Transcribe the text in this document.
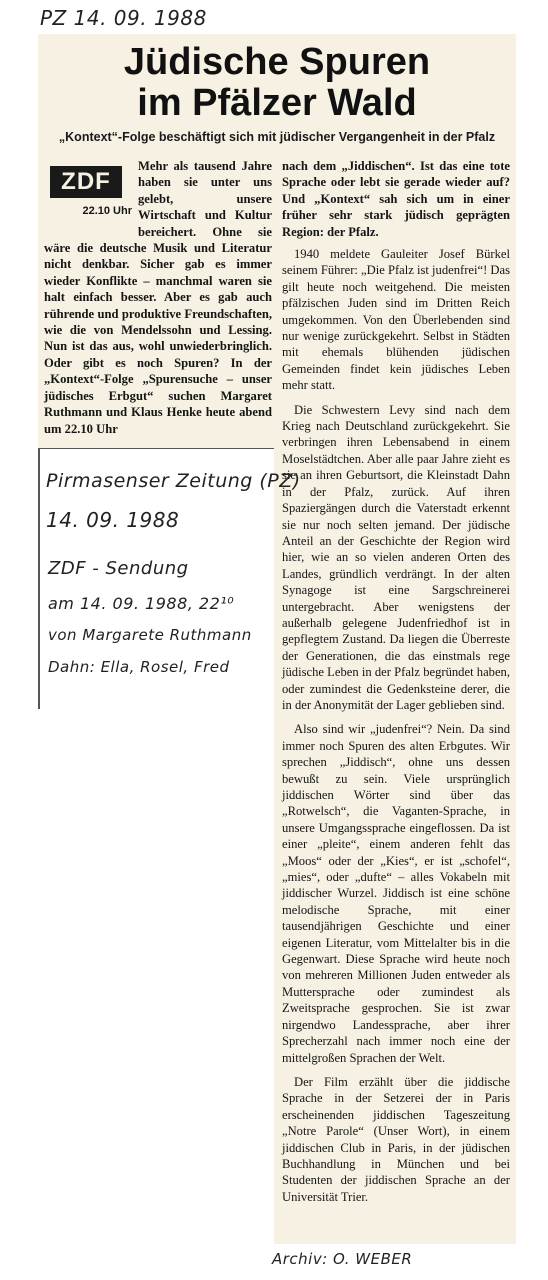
PZ 14. 09. 1988
Jüdische Spuren
im Pfälzer Wald
„Kontext“-Folge beschäftigt sich mit jüdischer Vergangenheit in der Pfalz
ZDF
22.10 Uhr

Mehr als tausend Jahre haben sie unter uns gelebt, unsere Wirtschaft und Kultur bereichert. Ohne sie wäre die deutsche Musik und Literatur nicht denkbar. Sicher gab es immer wieder Konflikte – manchmal waren sie halt einfach besser. Aber es gab auch rührende und produktive Freundschaften, wie die von Mendelssohn und Lessing. Nun ist das aus, wohl unwiederbringlich. Oder gibt es noch Spuren? In der „Kontext“-Folge „Spurensuche – unser jüdisches Erbgut“ suchen Margaret Ruthmann und Klaus Henke heute abend um 22.10 Uhr

nach dem „Jiddischen“. Ist das eine tote Sprache oder lebt sie gerade wieder auf? Und „Kontext“ sah sich um in einer früher sehr stark jüdisch geprägten Region: der Pfalz.

1940 meldete Gauleiter Josef Bürkel seinem Führer: „Die Pfalz ist judenfrei“! Das gilt heute noch weitgehend. Die meisten pfälzischen Juden sind im Dritten Reich umgekommen. Von den Überlebenden sind nur wenige zurückgekehrt. Selbst in Städten mit ehemals blühenden jüdischen Gemeinden findet kein jüdisches Leben mehr statt.

Die Schwestern Levy sind nach dem Krieg nach Deutschland zurückgekehrt. Sie verbringen ihren Lebensabend in einem Moselstädtchen. Aber alle paar Jahre zieht es sie an ihren Geburtsort, die Kleinstadt Dahn in der Pfalz, zurück. Auf ihren Spaziergängen durch die Vaterstadt erkennt sie nur noch selten jemand. Der jüdische Anteil an der Geschichte der Region wird hier, wie an so vielen anderen Orten des Landes, gründlich verdrängt. In der alten Synagoge ist eine Sargschreinerei untergebracht. Aber wenigstens der außerhalb gelegene Judenfriedhof ist in gepflegtem Zustand. Da liegen die Überreste der Generationen, die das einstmals rege jüdische Leben in der Pfalz begründet haben, oder zumindest die Gedenksteine derer, die in der Anonymität der Lager geblieben sind.

Also sind wir „judenfrei“? Nein. Da sind immer noch Spuren des alten Erbgutes. Wir sprechen „Jiddisch“, ohne uns dessen bewußt zu sein. Viele ursprünglich jiddischen Wörter sind über das „Rotwelsch“, die Vaganten-Sprache, in unsere Umgangssprache eingeflossen. Da ist einer „pleite“, einem anderen fehlt das „Moos“ oder der „Kies“, er ist „schofel“, „mies“, oder „dufte“ – alles Vokabeln mit jiddischer Wurzel. Jiddisch ist eine schöne melodische Sprache, mit einer tausendjährigen Geschichte und einer eigenen Literatur, vom Mittelalter bis in die Gegenwart. Diese Sprache wird heute noch von mehreren Millionen Juden entweder als Muttersprache oder zumindest als Zweitsprache gesprochen. Sie ist zwar nirgendwo Landessprache, aber ihrer Sprecherzahl nach immer noch eine der mittelgroßen Sprachen der Welt.

Der Film erzählt über die jiddische Sprache in der Setzerei der in Paris erscheinenden jiddischen Tageszeitung „Notre Parole“ (Unser Wort), in einem jiddischen Club in Paris, in der jüdischen Buchhandlung in München und bei Studenten der jiddischen Sprache an der Universität Trier.

Pirmasenser Zeitung (PZ)
14. 09. 1988
ZDF - Sendung
am 14. 09. 1988, 22¹⁰
von Margarete Ruthmann
Dahn: Ella, Rosel, Fred
Archiv: O. WEBER
